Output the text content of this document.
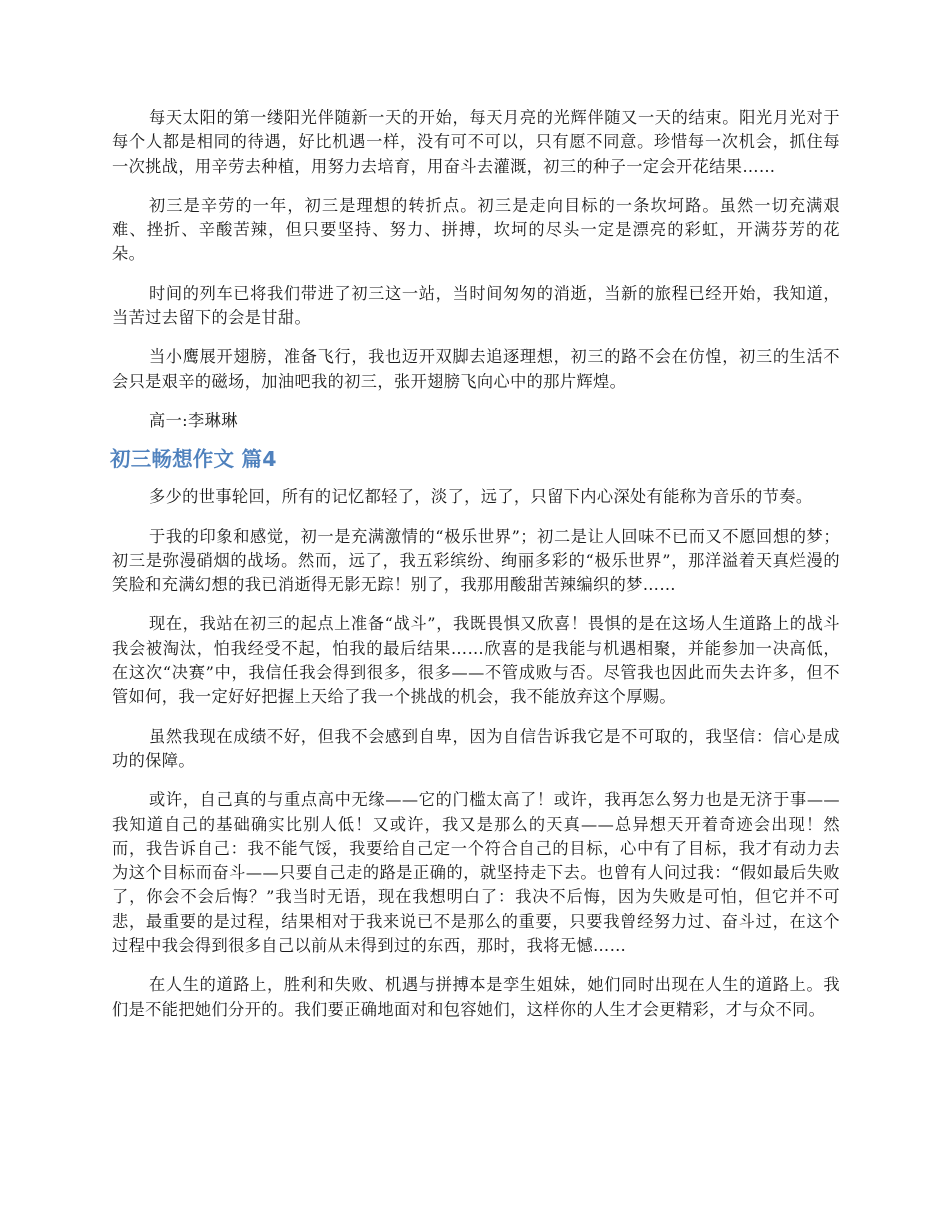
每天太阳的第一缕阳光伴随新一天的开始，每天月亮的光辉伴随又一天的结束。阳光月光对于每个人都是相同的待遇，好比机遇一样，没有可不可以，只有愿不同意。珍惜每一次机会，抓住每一次挑战，用辛劳去种植，用努力去培育，用奋斗去灌溉，初三的种子一定会开花结果……

初三是辛劳的一年，初三是理想的转折点。初三是走向目标的一条坎坷路。虽然一切充满艰难、挫折、辛酸苦辣，但只要坚持、努力、拼搏，坎坷的尽头一定是漂亮的彩虹，开满芬芳的花朵。

时间的列车已将我们带进了初三这一站，当时间匆匆的消逝，当新的旅程已经开始，我知道，当苦过去留下的会是甘甜。

当小鹰展开翅膀，准备飞行，我也迈开双脚去追逐理想，初三的路不会在仿惶，初三的生活不会只是艰辛的磁场，加油吧我的初三，张开翅膀飞向心中的那片辉煌。

高一:李琳琳

初三畅想作文 篇4

多少的世事轮回，所有的记忆都轻了，淡了，远了，只留下内心深处有能称为音乐的节奏。

于我的印象和感觉，初一是充满激情的“极乐世界”；初二是让人回味不已而又不愿回想的梦；初三是弥漫硝烟的战场。然而，远了，我五彩缤纷、绚丽多彩的“极乐世界”，那洋溢着天真烂漫的笑脸和充满幻想的我已消逝得无影无踪！别了，我那用酸甜苦辣编织的梦……

现在，我站在初三的起点上准备“战斗”，我既畏惧又欣喜！畏惧的是在这场人生道路上的战斗我会被淘汰，怕我经受不起，怕我的最后结果……欣喜的是我能与机遇相聚，并能参加一决高低，在这次“决赛”中，我信任我会得到很多，很多——不管成败与否。尽管我也因此而失去许多，但不管如何，我一定好好把握上天给了我一个挑战的机会，我不能放弃这个厚赐。

虽然我现在成绩不好，但我不会感到自卑，因为自信告诉我它是不可取的，我坚信：信心是成功的保障。

或许，自己真的与重点高中无缘——它的门槛太高了！或许，我再怎么努力也是无济于事——我知道自己的基础确实比别人低！又或许，我又是那么的天真——总异想天开着奇迹会出现！然而，我告诉自己：我不能气馁，我要给自己定一个符合自己的目标，心中有了目标，我才有动力去为这个目标而奋斗——只要自己走的路是正确的，就坚持走下去。也曾有人问过我：“假如最后失败了，你会不会后悔？”我当时无语，现在我想明白了：我决不后悔，因为失败是可怕，但它并不可悲，最重要的是过程，结果相对于我来说已不是那么的重要，只要我曾经努力过、奋斗过，在这个过程中我会得到很多自己以前从未得到过的东西，那时，我将无憾……

在人生的道路上，胜利和失败、机遇与拼搏本是孪生姐妹，她们同时出现在人生的道路上。我们是不能把她们分开的。我们要正确地面对和包容她们，这样你的人生才会更精彩，才与众不同。
